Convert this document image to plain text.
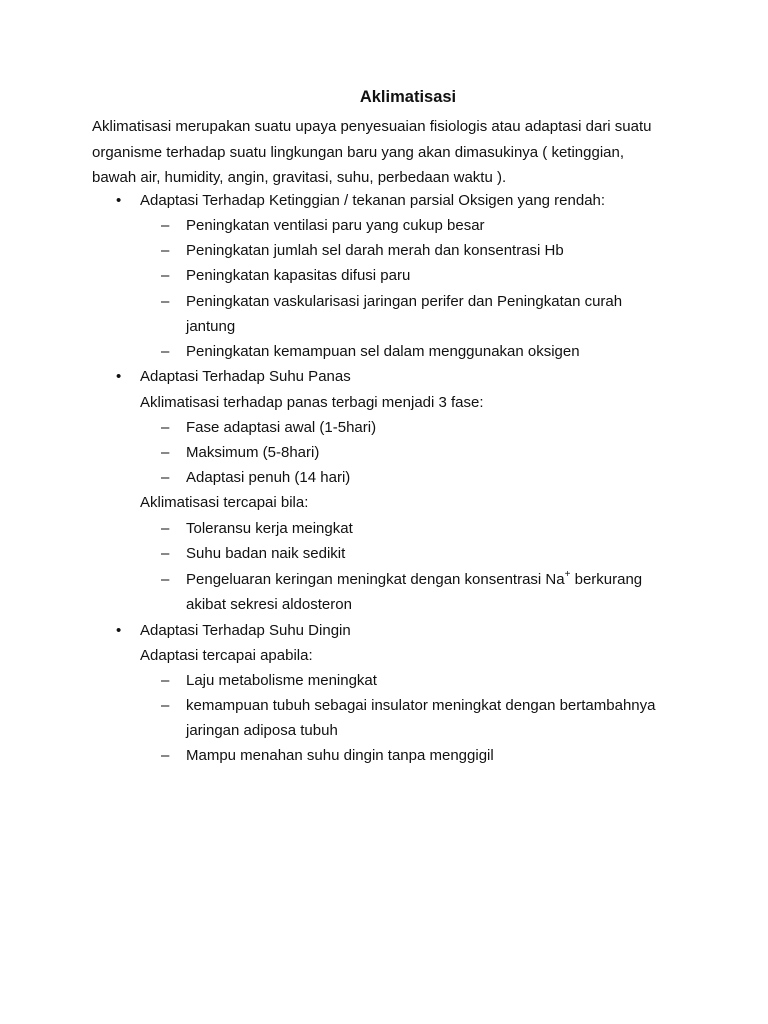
Aklimatisasi
Aklimatisasi merupakan suatu upaya penyesuaian fisiologis atau adaptasi dari suatu
organisme terhadap suatu lingkungan baru yang akan dimasukinya ( ketinggian,
bawah air, humidity, angin, gravitasi, suhu, perbedaan waktu ).
• Adaptasi Terhadap Ketinggian / tekanan parsial Oksigen yang rendah:
– Peningkatan ventilasi paru yang cukup besar
– Peningkatan jumlah sel darah merah dan konsentrasi Hb
– Peningkatan kapasitas difusi paru
– Peningkatan vaskularisasi jaringan perifer dan Peningkatan curah
jantung
– Peningkatan kemampuan sel dalam menggunakan oksigen
• Adaptasi Terhadap Suhu Panas
Aklimatisasi terhadap panas terbagi menjadi 3 fase:
– Fase adaptasi awal (1-5hari)
– Maksimum (5-8hari)
– Adaptasi penuh (14 hari)
Aklimatisasi tercapai bila:
– Toleransu kerja meingkat
– Suhu badan naik sedikit
– Pengeluaran keringan meningkat dengan konsentrasi Na+ berkurang
akibat sekresi aldosteron
• Adaptasi Terhadap Suhu Dingin
Adaptasi tercapai apabila:
– Laju metabolisme meningkat
– kemampuan tubuh sebagai insulator meningkat dengan bertambahnya
jaringan adiposa tubuh
– Mampu menahan suhu dingin tanpa menggigil
